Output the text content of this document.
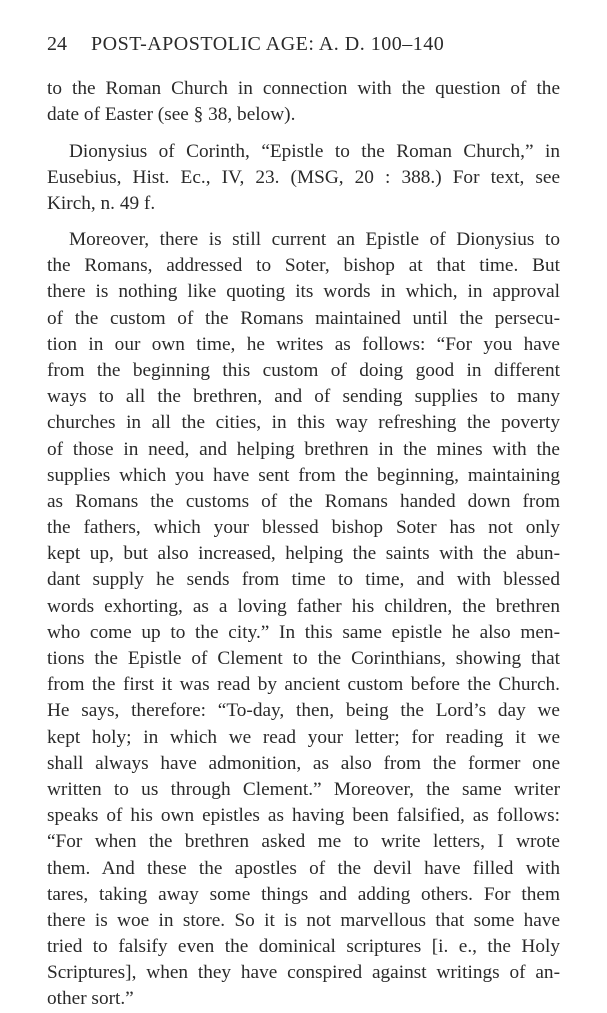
24 POST-APOSTOLIC AGE: A. D. 100–140
to the Roman Church in connection with the question of the
date of Easter (see § 38, below).
Dionysius of Corinth, “Epistle to the Roman Church,” in
Eusebius, Hist. Ec., IV, 23. (MSG, 20 : 388.) For text, see
Kirch, n. 49 f.
Moreover, there is still current an Epistle of Dionysius to
the Romans, addressed to Soter, bishop at that time. But
there is nothing like quoting its words in which, in approval
of the custom of the Romans maintained until the persecu-
tion in our own time, he writes as follows: “For you have
from the beginning this custom of doing good in different
ways to all the brethren, and of sending supplies to many
churches in all the cities, in this way refreshing the poverty
of those in need, and helping brethren in the mines with the
supplies which you have sent from the beginning, maintaining
as Romans the customs of the Romans handed down from
the fathers, which your blessed bishop Soter has not only
kept up, but also increased, helping the saints with the abun-
dant supply he sends from time to time, and with blessed
words exhorting, as a loving father his children, the brethren
who come up to the city.” In this same epistle he also men-
tions the Epistle of Clement to the Corinthians, showing that
from the first it was read by ancient custom before the Church.
He says, therefore: “To-day, then, being the Lord’s day we
kept holy; in which we read your letter; for reading it we
shall always have admonition, as also from the former one
written to us through Clement.” Moreover, the same writer
speaks of his own epistles as having been falsified, as follows:
“For when the brethren asked me to write letters, I wrote
them. And these the apostles of the devil have filled with
tares, taking away some things and adding others. For them
there is woe in store. So it is not marvellous that some have
tried to falsify even the dominical scriptures [i. e., the Holy
Scriptures], when they have conspired against writings of an-
other sort.”
